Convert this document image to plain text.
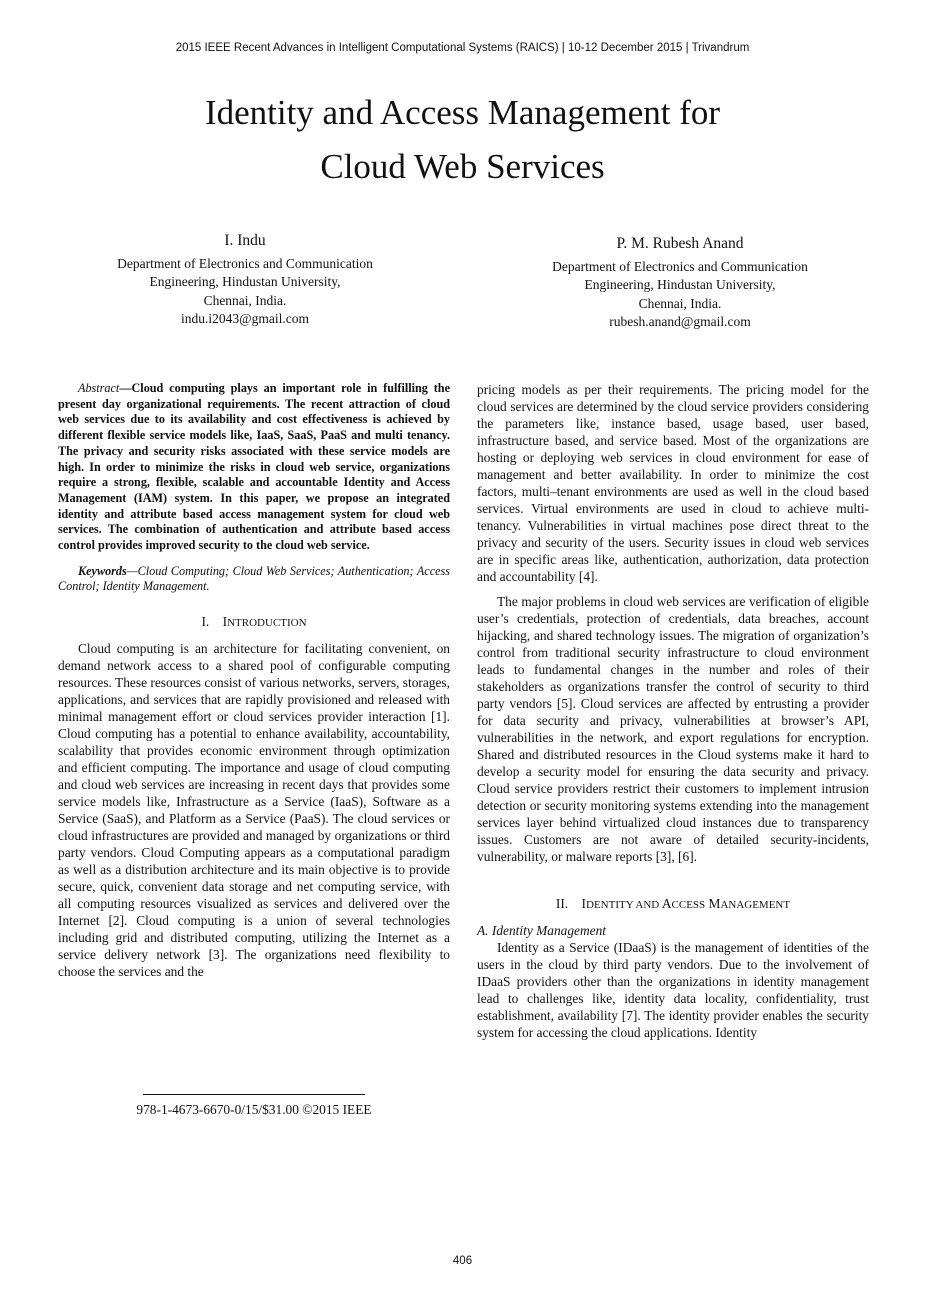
2015 IEEE Recent Advances in Intelligent Computational Systems (RAICS) | 10-12 December 2015 | Trivandrum
Identity and Access Management for
Cloud Web Services
I. Indu
Department of Electronics and Communication
Engineering, Hindustan University,
Chennai, India.
indu.i2043@gmail.com
P. M. Rubesh Anand
Department of Electronics and Communication
Engineering, Hindustan University,
Chennai, India.
rubesh.anand@gmail.com

Abstract—Cloud computing plays an important role in fulfilling the present day organizational requirements. The recent attraction of cloud web services due to its availability and cost effectiveness is achieved by different flexible service models like, IaaS, SaaS, PaaS and multi tenancy. The privacy and security risks associated with these service models are high. In order to minimize the risks in cloud web service, organizations require a strong, flexible, scalable and accountable Identity and Access Management (IAM) system. In this paper, we propose an integrated identity and attribute based access management system for cloud web services. The combination of authentication and attribute based access control provides improved security to the cloud web service.

Keywords—Cloud Computing; Cloud Web Services; Authentication; Access Control; Identity Management.

I. INTRODUCTION

Cloud computing is an architecture for facilitating convenient, on demand network access to a shared pool of configurable computing resources. These resources consist of various networks, servers, storages, applications, and services that are rapidly provisioned and released with minimal management effort or cloud services provider interaction [1]. Cloud computing has a potential to enhance availability, accountability, scalability that provides economic environment through optimization and efficient computing. The importance and usage of cloud computing and cloud web services are increasing in recent days that provides some service models like, Infrastructure as a Service (IaaS), Software as a Service (SaaS), and Platform as a Service (PaaS). The cloud services or cloud infrastructures are provided and managed by organizations or third party vendors. Cloud Computing appears as a computational paradigm as well as a distribution architecture and its main objective is to provide secure, quick, convenient data storage and net computing service, with all computing resources visualized as services and delivered over the Internet [2]. Cloud computing is a union of several technologies including grid and distributed computing, utilizing the Internet as a service delivery network [3]. The organizations need flexibility to choose the services and the

978-1-4673-6670-0/15/$31.00 ©2015 IEEE

pricing models as per their requirements. The pricing model for the cloud services are determined by the cloud service providers considering the parameters like, instance based, usage based, user based, infrastructure based, and service based. Most of the organizations are hosting or deploying web services in cloud environment for ease of management and better availability. In order to minimize the cost factors, multi–tenant environments are used as well in the cloud based services. Virtual environments are used in cloud to achieve multi-tenancy. Vulnerabilities in virtual machines pose direct threat to the privacy and security of the users. Security issues in cloud web services are in specific areas like, authentication, authorization, data protection and accountability [4].

The major problems in cloud web services are verification of eligible user’s credentials, protection of credentials, data breaches, account hijacking, and shared technology issues. The migration of organization’s control from traditional security infrastructure to cloud environment leads to fundamental changes in the number and roles of their stakeholders as organizations transfer the control of security to third party vendors [5]. Cloud services are affected by entrusting a provider for data security and privacy, vulnerabilities at browser’s API, vulnerabilities in the network, and export regulations for encryption. Shared and distributed resources in the Cloud systems make it hard to develop a security model for ensuring the data security and privacy. Cloud service providers restrict their customers to implement intrusion detection or security monitoring systems extending into the management services layer behind virtualized cloud instances due to transparency issues. Customers are not aware of detailed security-incidents, vulnerability, or malware reports [3], [6].

II. IDENTITY AND ACCESS MANAGEMENT

A. Identity Management

Identity as a Service (IDaaS) is the management of identities of the users in the cloud by third party vendors. Due to the involvement of IDaaS providers other than the organizations in identity management lead to challenges like, identity data locality, confidentiality, trust establishment, availability [7]. The identity provider enables the security system for accessing the cloud applications. Identity

406
